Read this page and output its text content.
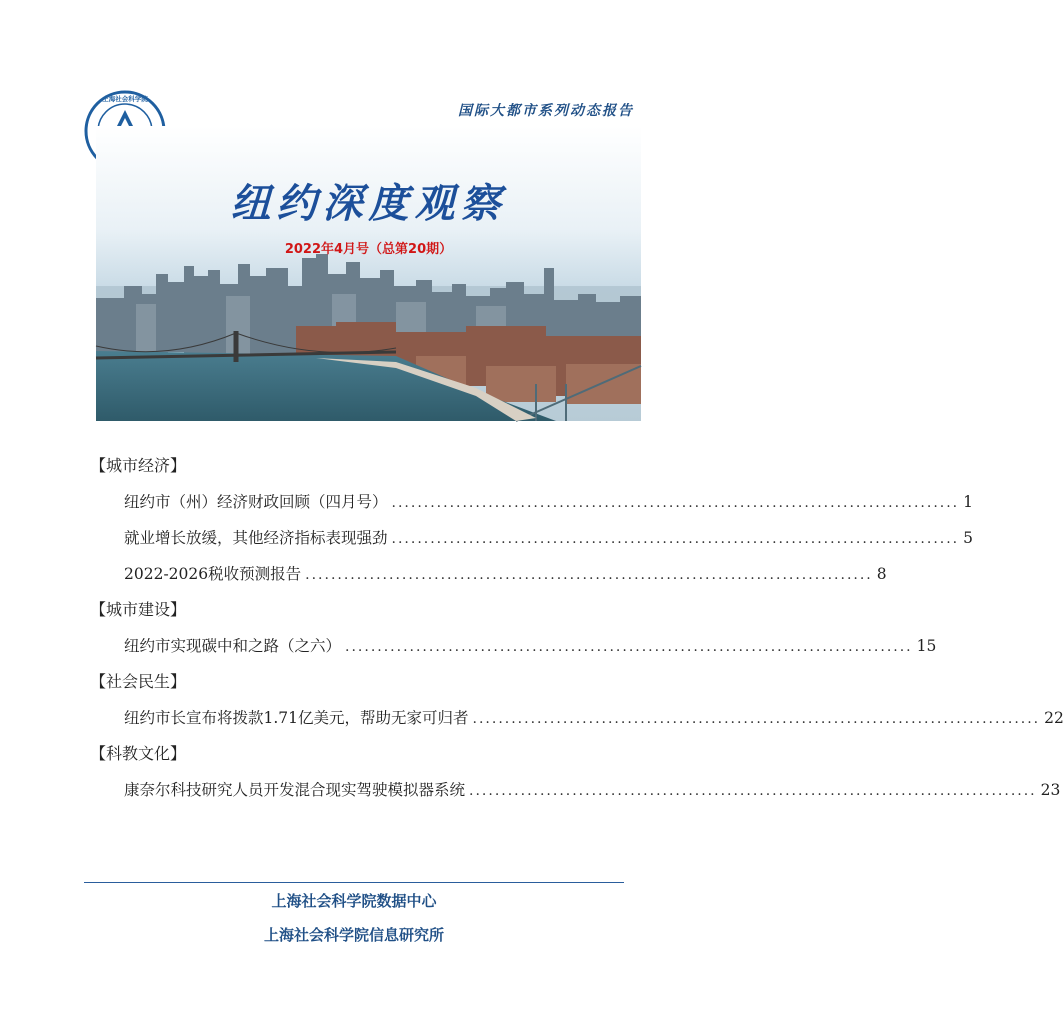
上海社会科学院
国际大都市系列动态报告
纽约深度观察
2022年4月号（总第20期）
【城市经济】
纽约市（州）经济财政回顾（四月号） ........................................................................................ 1
就业增长放缓，其他经济指标表现强劲 ........................................................................................ 5
2022-2026税收预测报告 ........................................................................................ 8
【城市建设】
纽约市实现碳中和之路（之六） ........................................................................................ 15
【社会民生】
纽约市长宣布将拨款1.71亿美元，帮助无家可归者 ........................................................................................ 22
【科教文化】
康奈尔科技研究人员开发混合现实驾驶模拟器系统 ........................................................................................ 23
上海社会科学院数据中心
上海社会科学院信息研究所
